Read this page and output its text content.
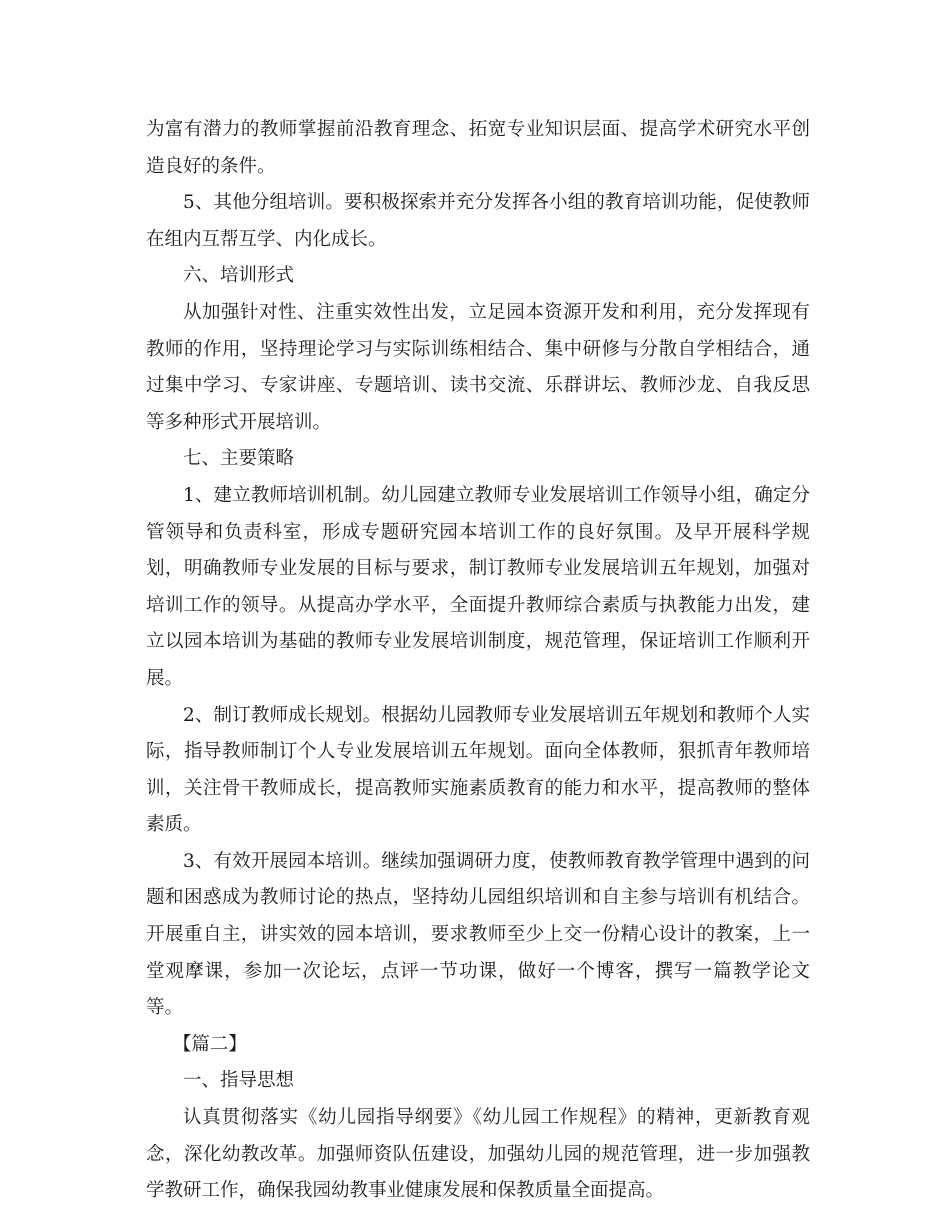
为富有潜力的教师掌握前沿教育理念、拓宽专业知识层面、提高学术研究水平创造良好的条件。

5、其他分组培训。要积极探索并充分发挥各小组的教育培训功能，促使教师在组内互帮互学、内化成长。

六、培训形式

从加强针对性、注重实效性出发，立足园本资源开发和利用，充分发挥现有教师的作用，坚持理论学习与实际训练相结合、集中研修与分散自学相结合，通过集中学习、专家讲座、专题培训、读书交流、乐群讲坛、教师沙龙、自我反思等多种形式开展培训。

七、主要策略

1、建立教师培训机制。幼儿园建立教师专业发展培训工作领导小组，确定分管领导和负责科室，形成专题研究园本培训工作的良好氛围。及早开展科学规划，明确教师专业发展的目标与要求，制订教师专业发展培训五年规划，加强对培训工作的领导。从提高办学水平，全面提升教师综合素质与执教能力出发，建立以园本培训为基础的教师专业发展培训制度，规范管理，保证培训工作顺利开展。

2、制订教师成长规划。根据幼儿园教师专业发展培训五年规划和教师个人实际，指导教师制订个人专业发展培训五年规划。面向全体教师，狠抓青年教师培训，关注骨干教师成长，提高教师实施素质教育的能力和水平，提高教师的整体素质。

3、有效开展园本培训。继续加强调研力度，使教师教育教学管理中遇到的问题和困惑成为教师讨论的热点，坚持幼儿园组织培训和自主参与培训有机结合。开展重自主，讲实效的园本培训，要求教师至少上交一份精心设计的教案，上一堂观摩课，参加一次论坛，点评一节功课，做好一个博客，撰写一篇教学论文等。

【篇二】

一、指导思想

认真贯彻落实《幼儿园指导纲要》《幼儿园工作规程》的精神，更新教育观念，深化幼教改革。加强师资队伍建设，加强幼儿园的规范管理，进一步加强教学教研工作，确保我园幼教事业健康发展和保教质量全面提高。
